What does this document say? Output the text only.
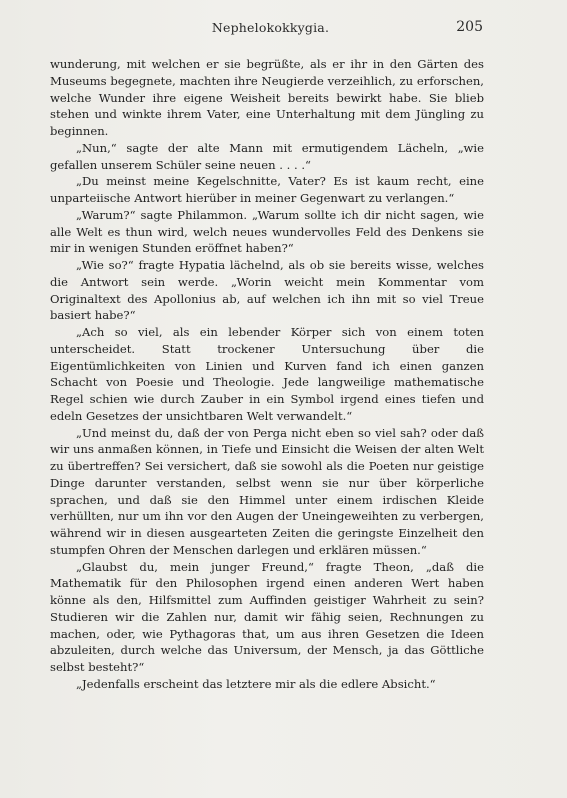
Nephelokokkygia.	205

wunderung, mit welchen er sie begrüßte, als er ihr in den Gärten des Museums begegnete, machten ihre Neugierde verzeihlich, zu erforschen, welche Wunder ihre eigene Weisheit bereits bewirkt habe. Sie blieb stehen und winkte ihrem Vater, eine Unterhaltung mit dem Jüngling zu beginnen.

„Nun,“ sagte der alte Mann mit ermutigendem Lächeln, „wie gefallen unserem Schüler seine neuen . . . .“

„Du meinst meine Kegelschnitte, Vater? Es ist kaum recht, eine unparteiische Antwort hierüber in meiner Gegenwart zu verlangen.“

„Warum?“ sagte Philammon. „Warum sollte ich dir nicht sagen, wie alle Welt es thun wird, welch neues wundervolles Feld des Denkens sie mir in wenigen Stunden eröffnet haben?“

„Wie so?“ fragte Hypatia lächelnd, als ob sie bereits wisse, welches die Antwort sein werde. „Worin weicht mein Kommentar vom Originaltext des Apollonius ab, auf welchen ich ihn mit so viel Treue basiert habe?“

„Ach so viel, als ein lebender Körper sich von einem toten unterscheidet. Statt trockener Untersuchung über die Eigentümlichkeiten von Linien und Kurven fand ich einen ganzen Schacht von Poesie und Theologie. Jede langweilige mathematische Regel schien wie durch Zauber in ein Symbol irgend eines tiefen und edeln Gesetzes der unsichtbaren Welt verwandelt.“

„Und meinst du, daß der von Perga nicht eben so viel sah? oder daß wir uns anmaßen können, in Tiefe und Einsicht die Weisen der alten Welt zu übertreffen? Sei versichert, daß sie sowohl als die Poeten nur geistige Dinge darunter verstanden, selbst wenn sie nur über körperliche sprachen, und daß sie den Himmel unter einem irdischen Kleide verhüllten, nur um ihn vor den Augen der Uneingeweihten zu verbergen, während wir in diesen ausgearteten Zeiten die geringste Einzelheit den stumpfen Ohren der Menschen darlegen und erklären müssen.“

„Glaubst du, mein junger Freund,“ fragte Theon, „daß die Mathematik für den Philosophen irgend einen anderen Wert haben könne als den, Hilfsmittel zum Auffinden geistiger Wahrheit zu sein? Studieren wir die Zahlen nur, damit wir fähig seien, Rechnungen zu machen, oder, wie Pythagoras that, um aus ihren Gesetzen die Ideen abzuleiten, durch welche das Universum, der Mensch, ja das Göttliche selbst besteht?“

„Jedenfalls erscheint das letztere mir als die edlere Absicht.“
